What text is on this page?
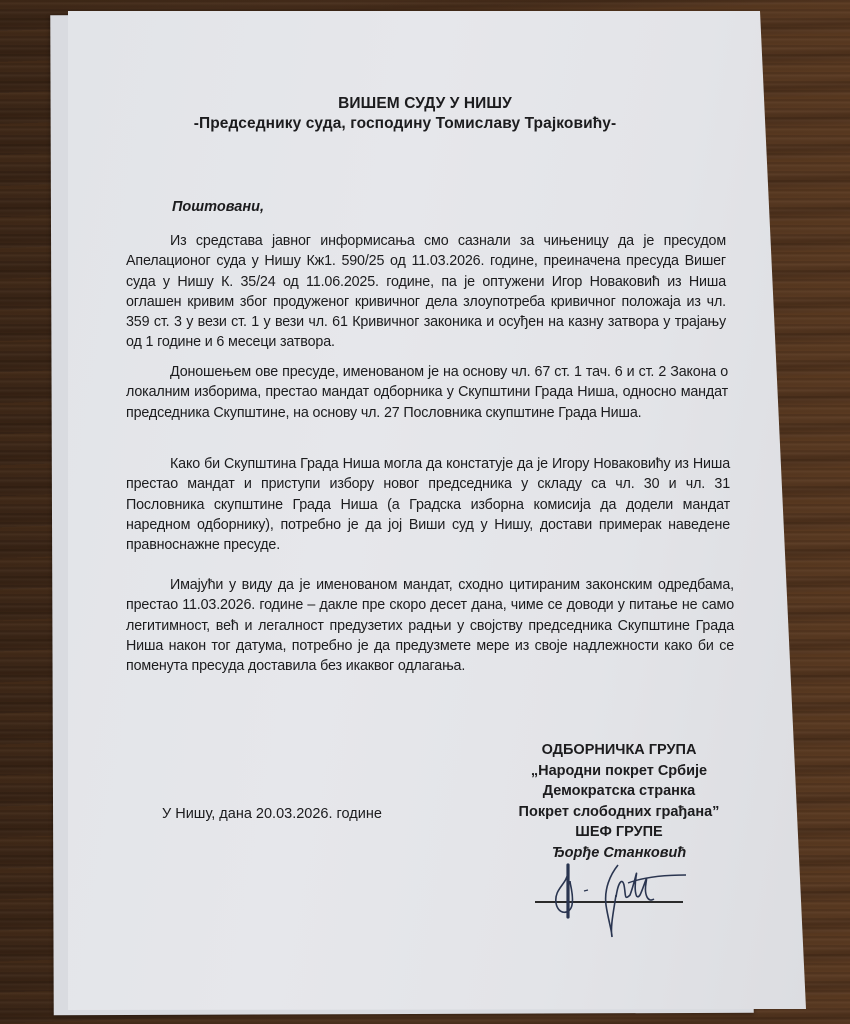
ВИШЕМ СУДУ У НИШУ
-Председнику суда, господину Томиславу Трајковићу-
Поштовани,
Из средстава јавног информисања смо сазнали за чињеницу да је пресудом Апелационог суда у Нишу Кж1. 590/25 од 11.03.2026. године, преиначена пресуда Вишег суда у Нишу К. 35/24 од 11.06.2025. године, па је оптужени Игор Новаковић из Ниша оглашен кривим због продуженог кривичног дела злоупотреба кривичног положаја из чл. 359 ст. 3 у вези ст. 1 у вези чл. 61 Кривичног законика и осуђен на казну затвора у трајању од 1 године и 6 месеци затвора.
Доношењем ове пресуде, именованом је на основу чл. 67 ст. 1 тач. 6 и ст. 2 Закона о локалним изборима, престао мандат одборника у Скупштини Града Ниша, односно мандат председника Скупштине, на основу чл. 27 Пословника скупштине Града Ниша.
Како би Скупштина Града Ниша могла да констатује да је Игору Новаковићу из Ниша престао мандат и приступи избору новог председника у складу са чл. 30 и чл. 31 Пословника скупштине Града Ниша (а Градска изборна комисија да додели мандат наредном одборнику), потребно је да јој Виши суд у Нишу, достави примерак наведене правноснажне пресуде.
Имајући у виду да је именованом мандат, сходно цитираним законским одредбама, престао 11.03.2026. године – дакле пре скоро десет дана, чиме се доводи у питање не само легитимност, већ и легалност предузетих радњи у својству председника Скупштине Града Ниша након тог датума, потребно је да предузмете мере из своје надлежности како би се поменута пресуда доставила без икаквог одлагања.
У Нишу, дана 20.03.2026. године
ОДБОРНИЧКА ГРУПА
„Народни покрет Србије
Демократска странка
Покрет слободних грађана”
ШЕФ ГРУПЕ
Ђорђе Станковић
